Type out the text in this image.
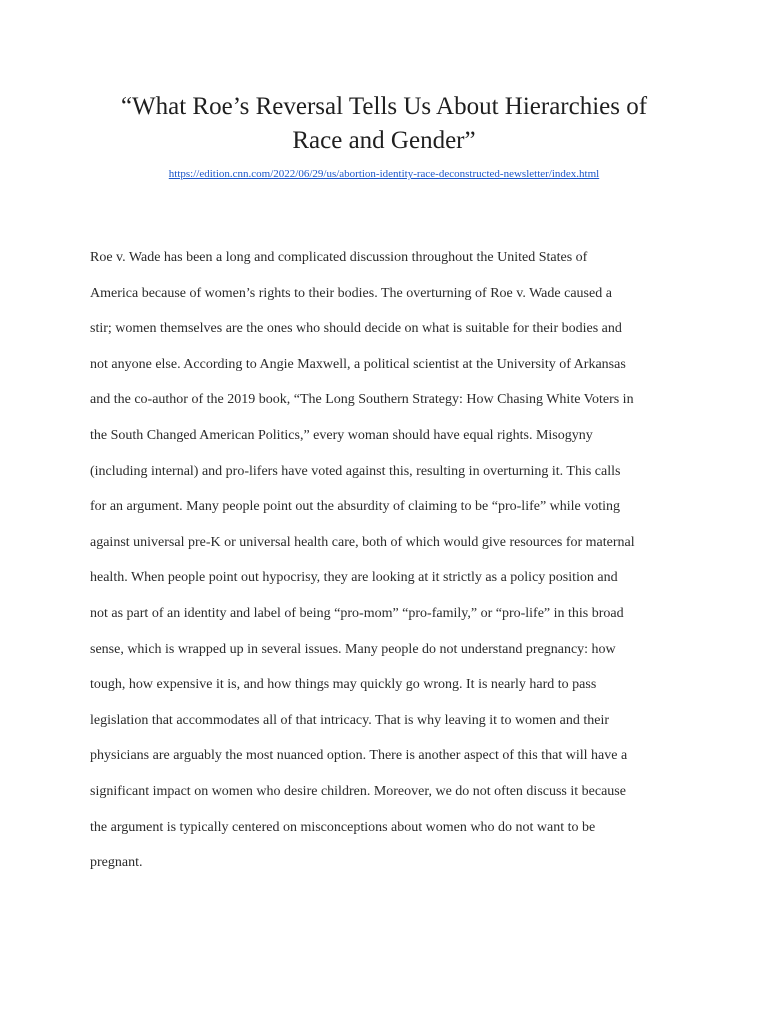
“What Roe’s Reversal Tells Us About Hierarchies of
Race and Gender”
https://edition.cnn.com/2022/06/29/us/abortion-identity-race-deconstructed-newsletter/index.html
Roe v. Wade has been a long and complicated discussion throughout the United States of
America because of women’s rights to their bodies. The overturning of Roe v. Wade caused a
stir; women themselves are the ones who should decide on what is suitable for their bodies and
not anyone else. According to Angie Maxwell, a political scientist at the University of Arkansas
and the co-author of the 2019 book, “The Long Southern Strategy: How Chasing White Voters in
the South Changed American Politics,” every woman should have equal rights. Misogyny
(including internal) and pro-lifers have voted against this, resulting in overturning it. This calls
for an argument. Many people point out the absurdity of claiming to be “pro-life” while voting
against universal pre-K or universal health care, both of which would give resources for maternal
health. When people point out hypocrisy, they are looking at it strictly as a policy position and
not as part of an identity and label of being “pro-mom” “pro-family,” or “pro-life” in this broad
sense, which is wrapped up in several issues. Many people do not understand pregnancy: how
tough, how expensive it is, and how things may quickly go wrong. It is nearly hard to pass
legislation that accommodates all of that intricacy. That is why leaving it to women and their
physicians are arguably the most nuanced option. There is another aspect of this that will have a
significant impact on women who desire children. Moreover, we do not often discuss it because
the argument is typically centered on misconceptions about women who do not want to be
pregnant.
